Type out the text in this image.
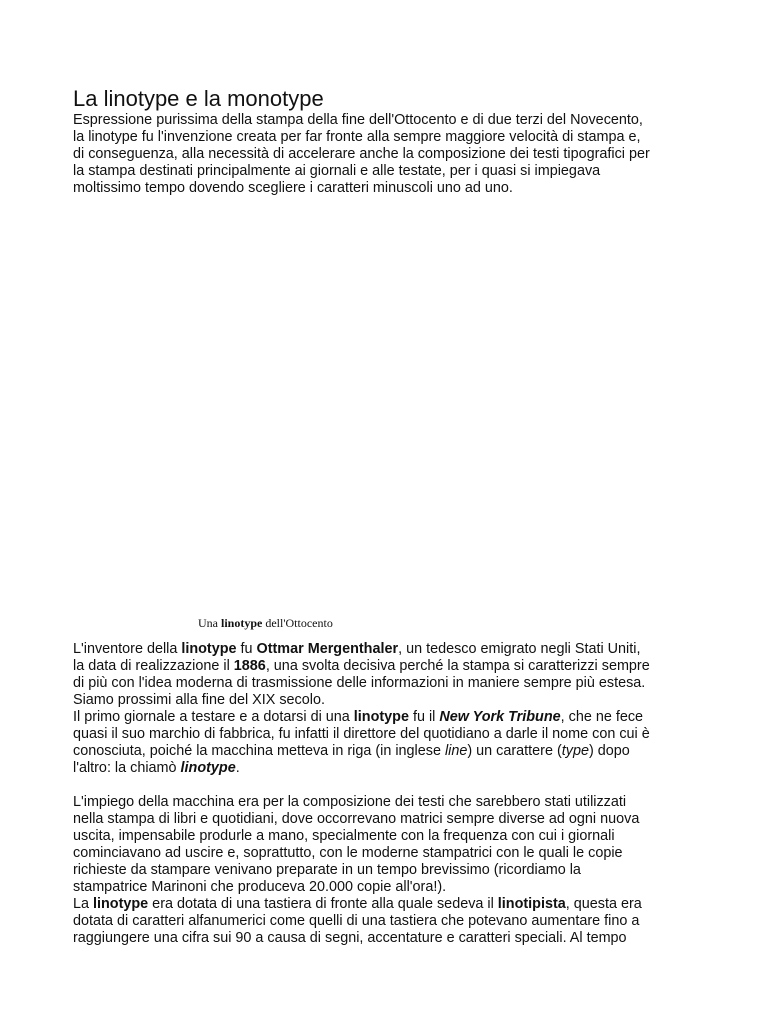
La linotype e la monotype

Espressione purissima della stampa della fine dell'Ottocento e di due terzi del Novecento,
la linotype fu l'invenzione creata per far fronte alla sempre maggiore velocità di stampa e,
di conseguenza, alla necessità di accelerare anche la composizione dei testi tipografici per
la stampa destinati principalmente ai giornali e alle testate, per i quasi si impiegava
moltissimo tempo dovendo scegliere i caratteri minuscoli uno ad uno.

Una linotype dell'Ottocento

L'inventore della linotype fu Ottmar Mergenthaler, un tedesco emigrato negli Stati Uniti,
la data di realizzazione il 1886, una svolta decisiva perché la stampa si caratterizzi sempre
di più con l'idea moderna di trasmissione delle informazioni in maniere sempre più estesa.
Siamo prossimi alla fine del XIX secolo.
Il primo giornale a testare e a dotarsi di una linotype fu il New York Tribune, che ne fece
quasi il suo marchio di fabbrica, fu infatti il direttore del quotidiano a darle il nome con cui è
conosciuta, poiché la macchina metteva in riga (in inglese line) un carattere (type) dopo
l'altro: la chiamò linotype.

L'impiego della macchina era per la composizione dei testi che sarebbero stati utilizzati
nella stampa di libri e quotidiani, dove occorrevano matrici sempre diverse ad ogni nuova
uscita, impensabile produrle a mano, specialmente con la frequenza con cui i giornali
cominciavano ad uscire e, soprattutto, con le moderne stampatrici con le quali le copie
richieste da stampare venivano preparate in un tempo brevissimo (ricordiamo la
stampatrice Marinoni che produceva 20.000 copie all'ora!).
La linotype era dotata di una tastiera di fronte alla quale sedeva il linotipista, questa era
dotata di caratteri alfanumerici come quelli di una tastiera che potevano aumentare fino a
raggiungere una cifra sui 90 a causa di segni, accentature e caratteri speciali. Al tempo
